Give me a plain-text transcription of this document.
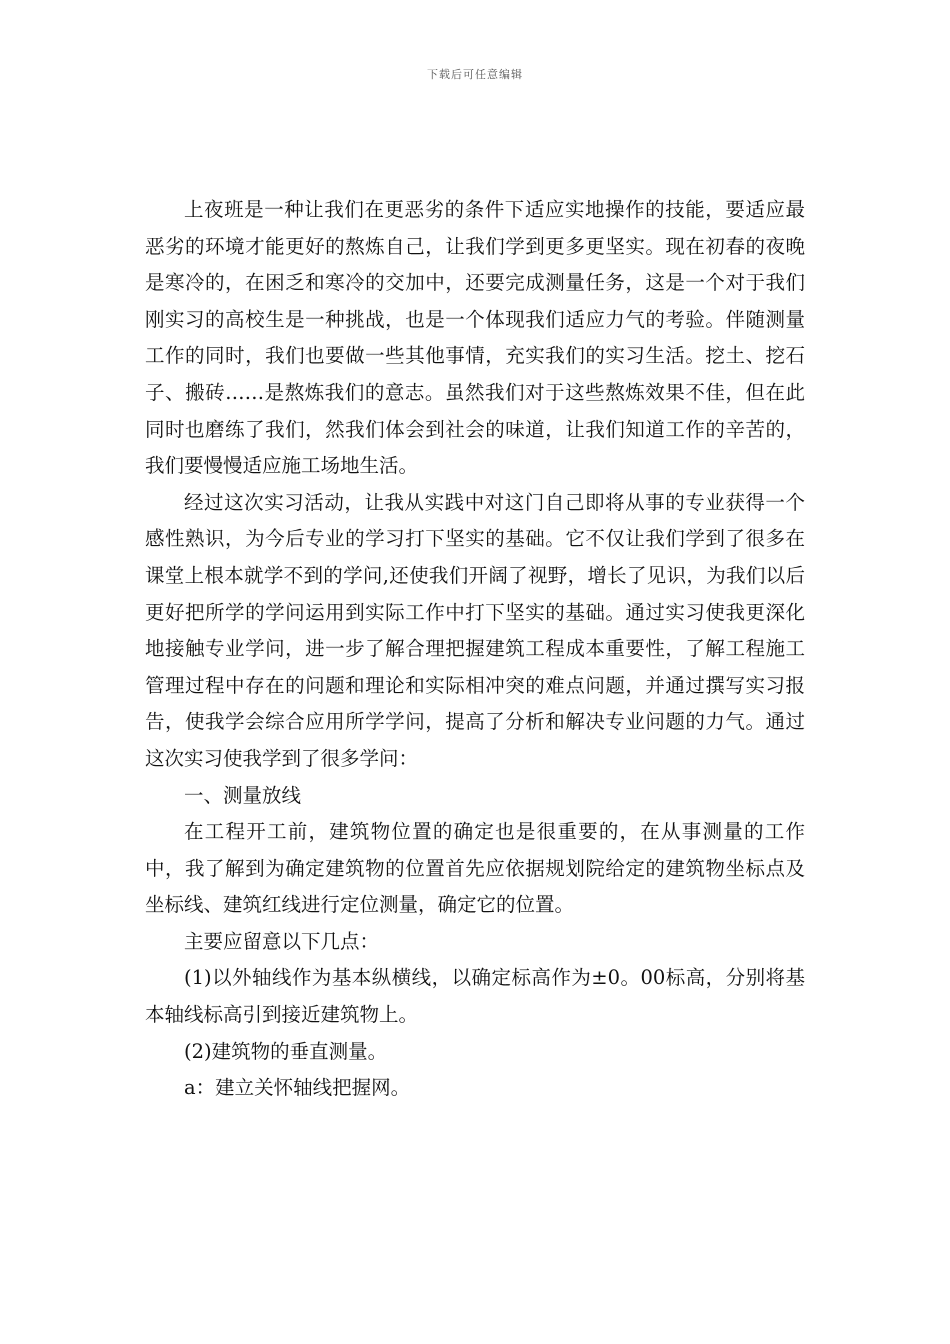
下载后可任意编辑

上夜班是一种让我们在更恶劣的条件下适应实地操作的技能，要适应最恶劣的环境才能更好的熬炼自己，让我们学到更多更坚实。现在初春的夜晚是寒冷的，在困乏和寒冷的交加中，还要完成测量任务，这是一个对于我们刚实习的高校生是一种挑战，也是一个体现我们适应力气的考验。伴随测量工作的同时，我们也要做一些其他事情，充实我们的实习生活。挖土、挖石子、搬砖……是熬炼我们的意志。虽然我们对于这些熬炼效果不佳，但在此同时也磨练了我们，然我们体会到社会的味道，让我们知道工作的辛苦的，我们要慢慢适应施工场地生活。

经过这次实习活动，让我从实践中对这门自己即将从事的专业获得一个感性熟识，为今后专业的学习打下坚实的基础。它不仅让我们学到了很多在课堂上根本就学不到的学问,还使我们开阔了视野，增长了见识，为我们以后更好把所学的学问运用到实际工作中打下坚实的基础。通过实习使我更深化地接触专业学问，进一步了解合理把握建筑工程成本重要性，了解工程施工管理过程中存在的问题和理论和实际相冲突的难点问题，并通过撰写实习报告，使我学会综合应用所学学问，提高了分析和解决专业问题的力气。通过这次实习使我学到了很多学问：

一、测量放线

在工程开工前，建筑物位置的确定也是很重要的，在从事测量的工作中，我了解到为确定建筑物的位置首先应依据规划院给定的建筑物坐标点及坐标线、建筑红线进行定位测量，确定它的位置。

主要应留意以下几点：

(1)以外轴线作为基本纵横线，以确定标高作为±0。00标高，分别将基本轴线标高引到接近建筑物上。

(2)建筑物的垂直测量。

a：建立关怀轴线把握网。
